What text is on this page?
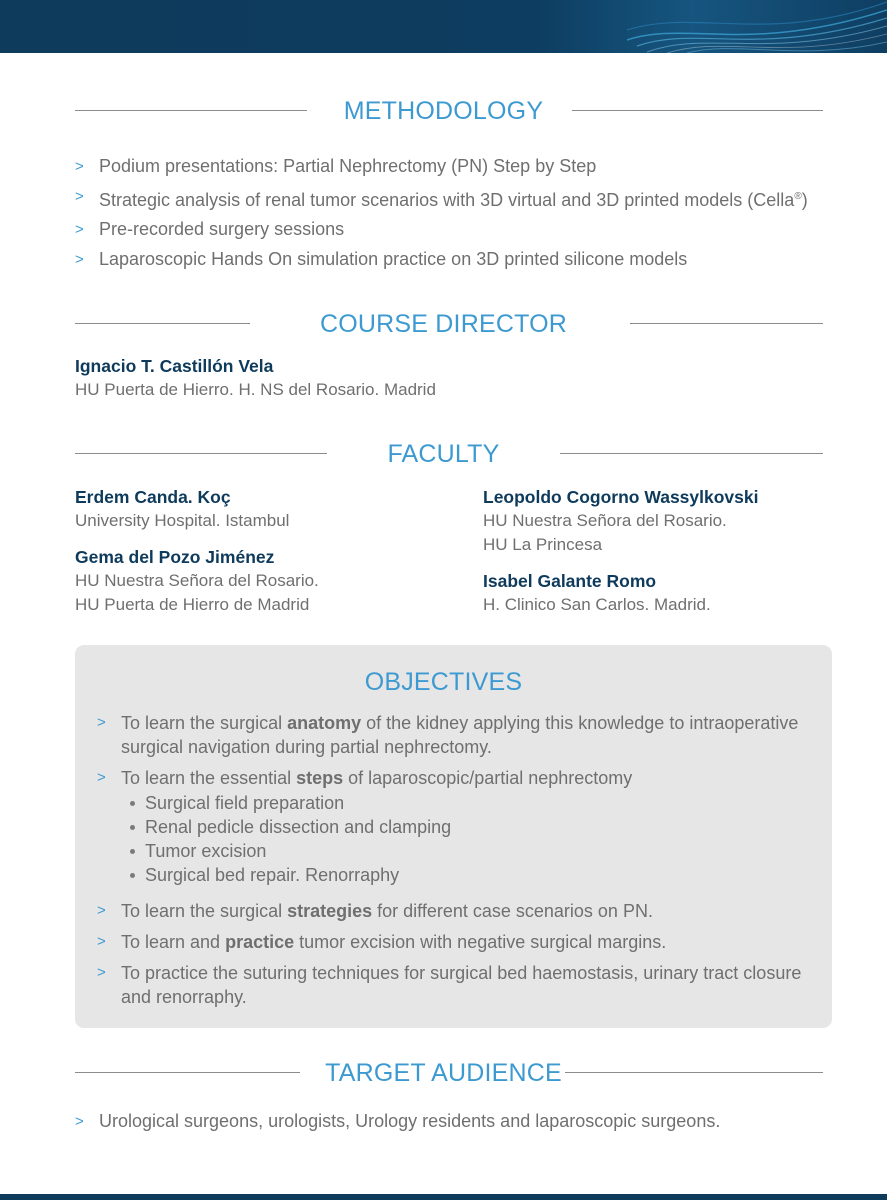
METHODOLOGY
> Podium presentations: Partial Nephrectomy (PN) Step by Step
> Strategic analysis of renal tumor scenarios with 3D virtual and 3D printed models (Cella®)
> Pre-recorded surgery sessions
> Laparoscopic Hands On simulation practice on 3D printed silicone models
COURSE DIRECTOR
Ignacio T. Castillón Vela
HU Puerta de Hierro. H. NS del Rosario. Madrid
FACULTY
Erdem Canda. Koç
University Hospital. Istambul
Gema del Pozo Jiménez
HU Nuestra Señora del Rosario.
HU Puerta de Hierro de Madrid
Leopoldo Cogorno Wassylkovski
HU Nuestra Señora del Rosario.
HU La Princesa
Isabel Galante Romo
H. Clinico San Carlos. Madrid.
OBJECTIVES
> To learn the surgical anatomy of the kidney applying this knowledge to intraoperative surgical navigation during partial nephrectomy.
> To learn the essential steps of laparoscopic/partial nephrectomy
Surgical field preparation
Renal pedicle dissection and clamping
Tumor excision
Surgical bed repair. Renorraphy
> To learn the surgical strategies for different case scenarios on PN.
> To learn and practice tumor excision with negative surgical margins.
> To practice the suturing techniques for surgical bed haemostasis, urinary tract closure and renorraphy.
TARGET AUDIENCE
> Urological surgeons, urologists, Urology residents and laparoscopic surgeons.
